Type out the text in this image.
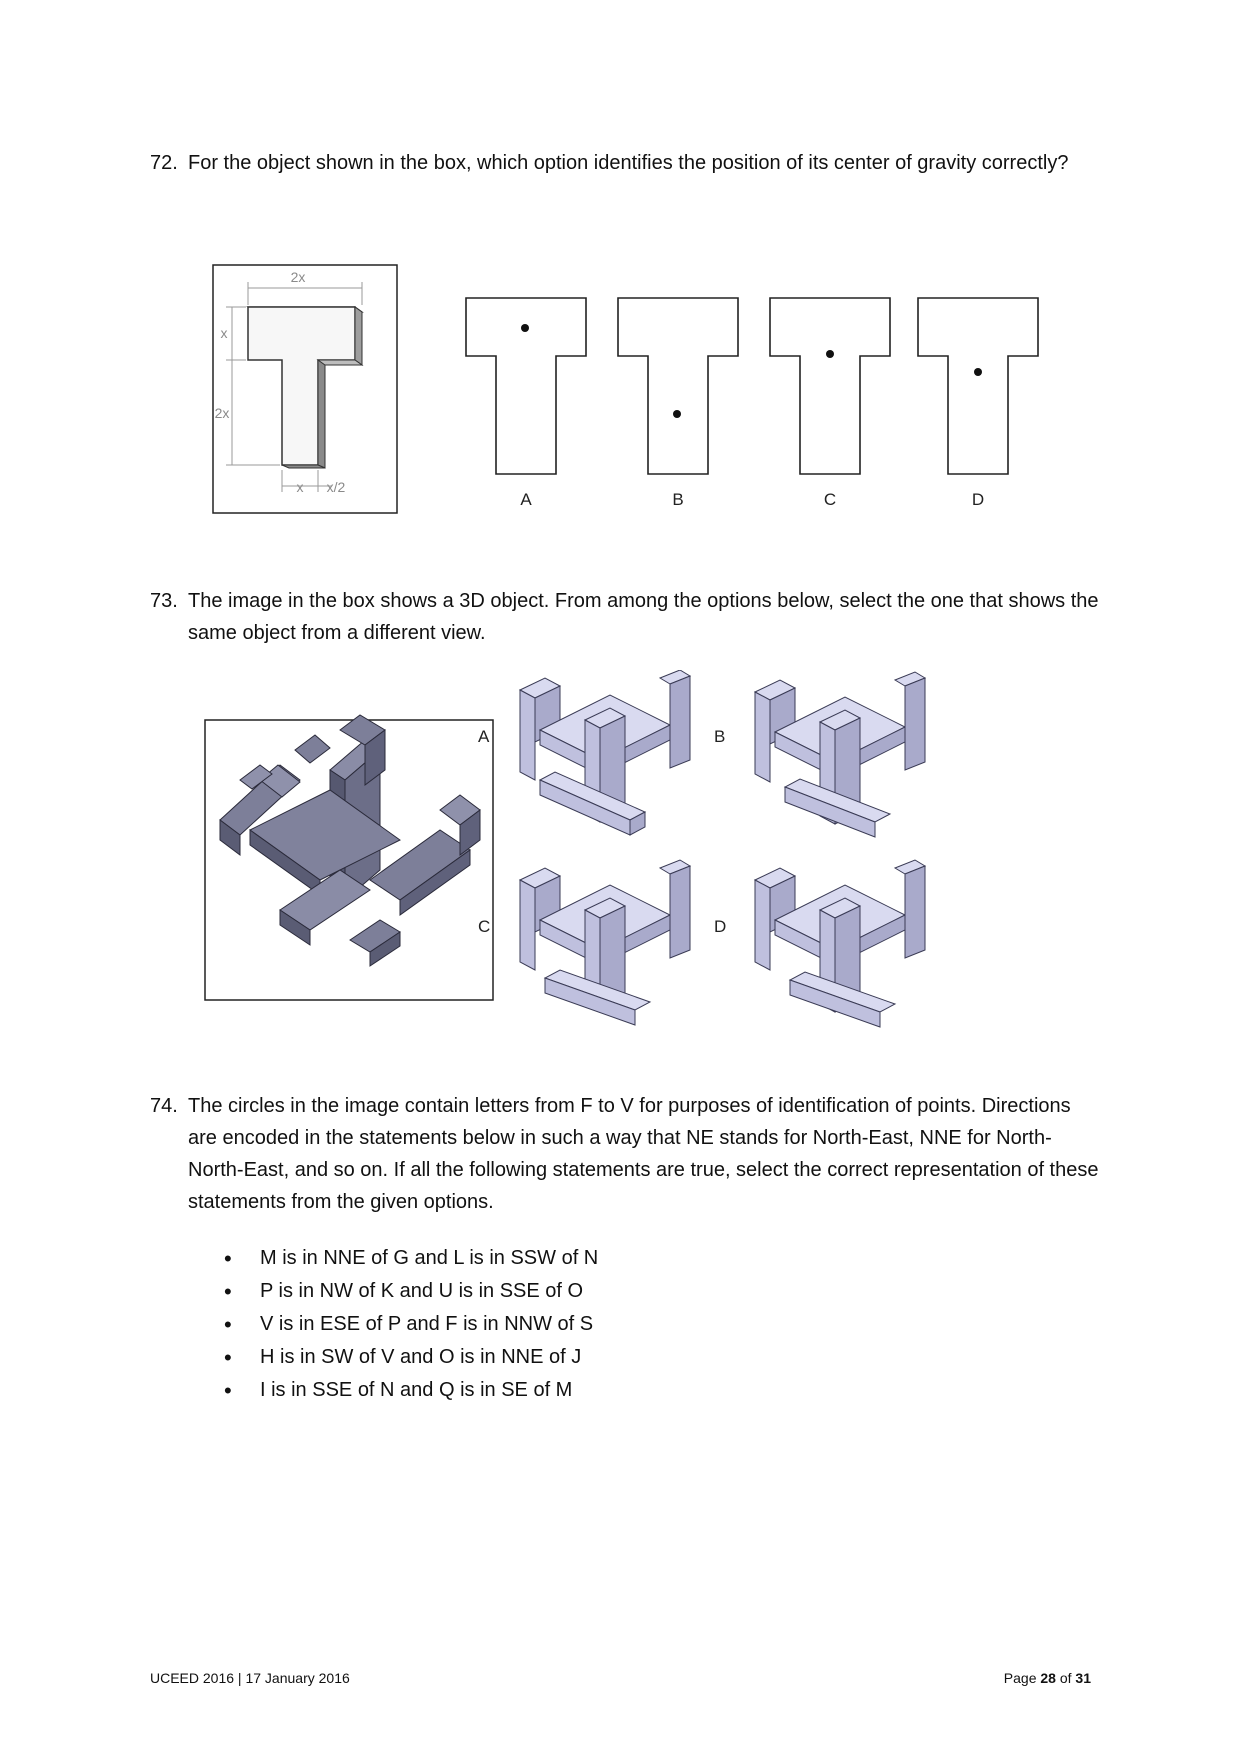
72. For the object shown in the box, which option identifies the position of its center of gravity correctly?
2x
x
2x
x x/2
A	B	C	D
73. The image in the box shows a 3D object. From among the options below, select the one that shows the same object from a different view.
A	B
C	D
74. The circles in the image contain letters from F to V for purposes of identification of points. Directions are encoded in the statements below in such a way that NE stands for North-East, NNE for North-North-East, and so on. If all the following statements are true, select the correct representation of these statements from the given options.
• M is in NNE of G and L is in SSW of N
• P is in NW of K and U is in SSE of O
• V is in ESE of P and F is in NNW of S
• H is in SW of V and O is in NNE of J
• I is in SSE of N and Q is in SE of M
UCEED 2016 | 17 January 2016	Page 28 of 31
